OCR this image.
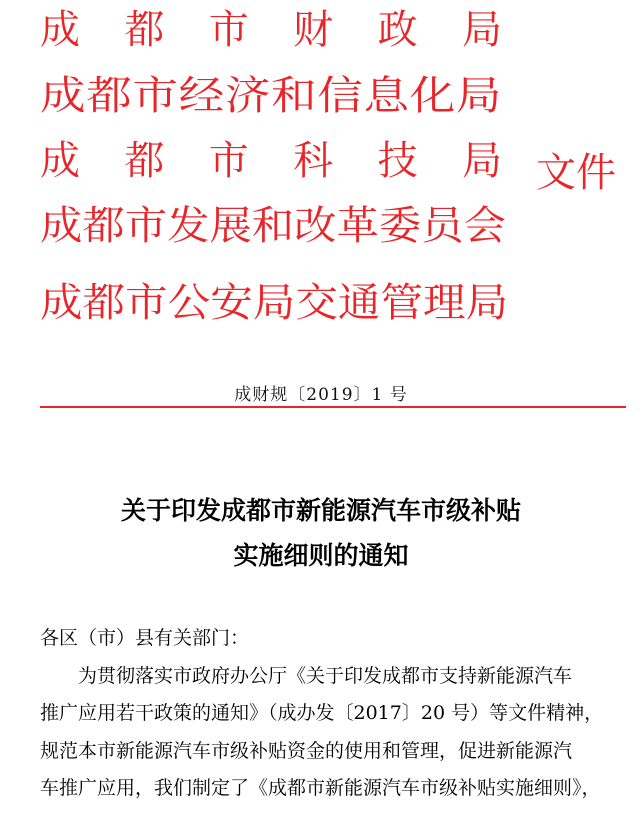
成 都 市 财 政 局
成都市经济和信息化局
成 都 市 科 技 局
成都市发展和改革委员会
成都市公安局交通管理局
文件
成财规〔2019〕1 号
关于印发成都市新能源汽车市级补贴
实施细则的通知
各区（市）县有关部门：
为贯彻落实市政府办公厅《关于印发成都市支持新能源汽车
推广应用若干政策的通知》（成办发〔2017〕20 号）等文件精神，
规范本市新能源汽车市级补贴资金的使用和管理，促进新能源汽
车推广应用，我们制定了《成都市新能源汽车市级补贴实施细则》，
